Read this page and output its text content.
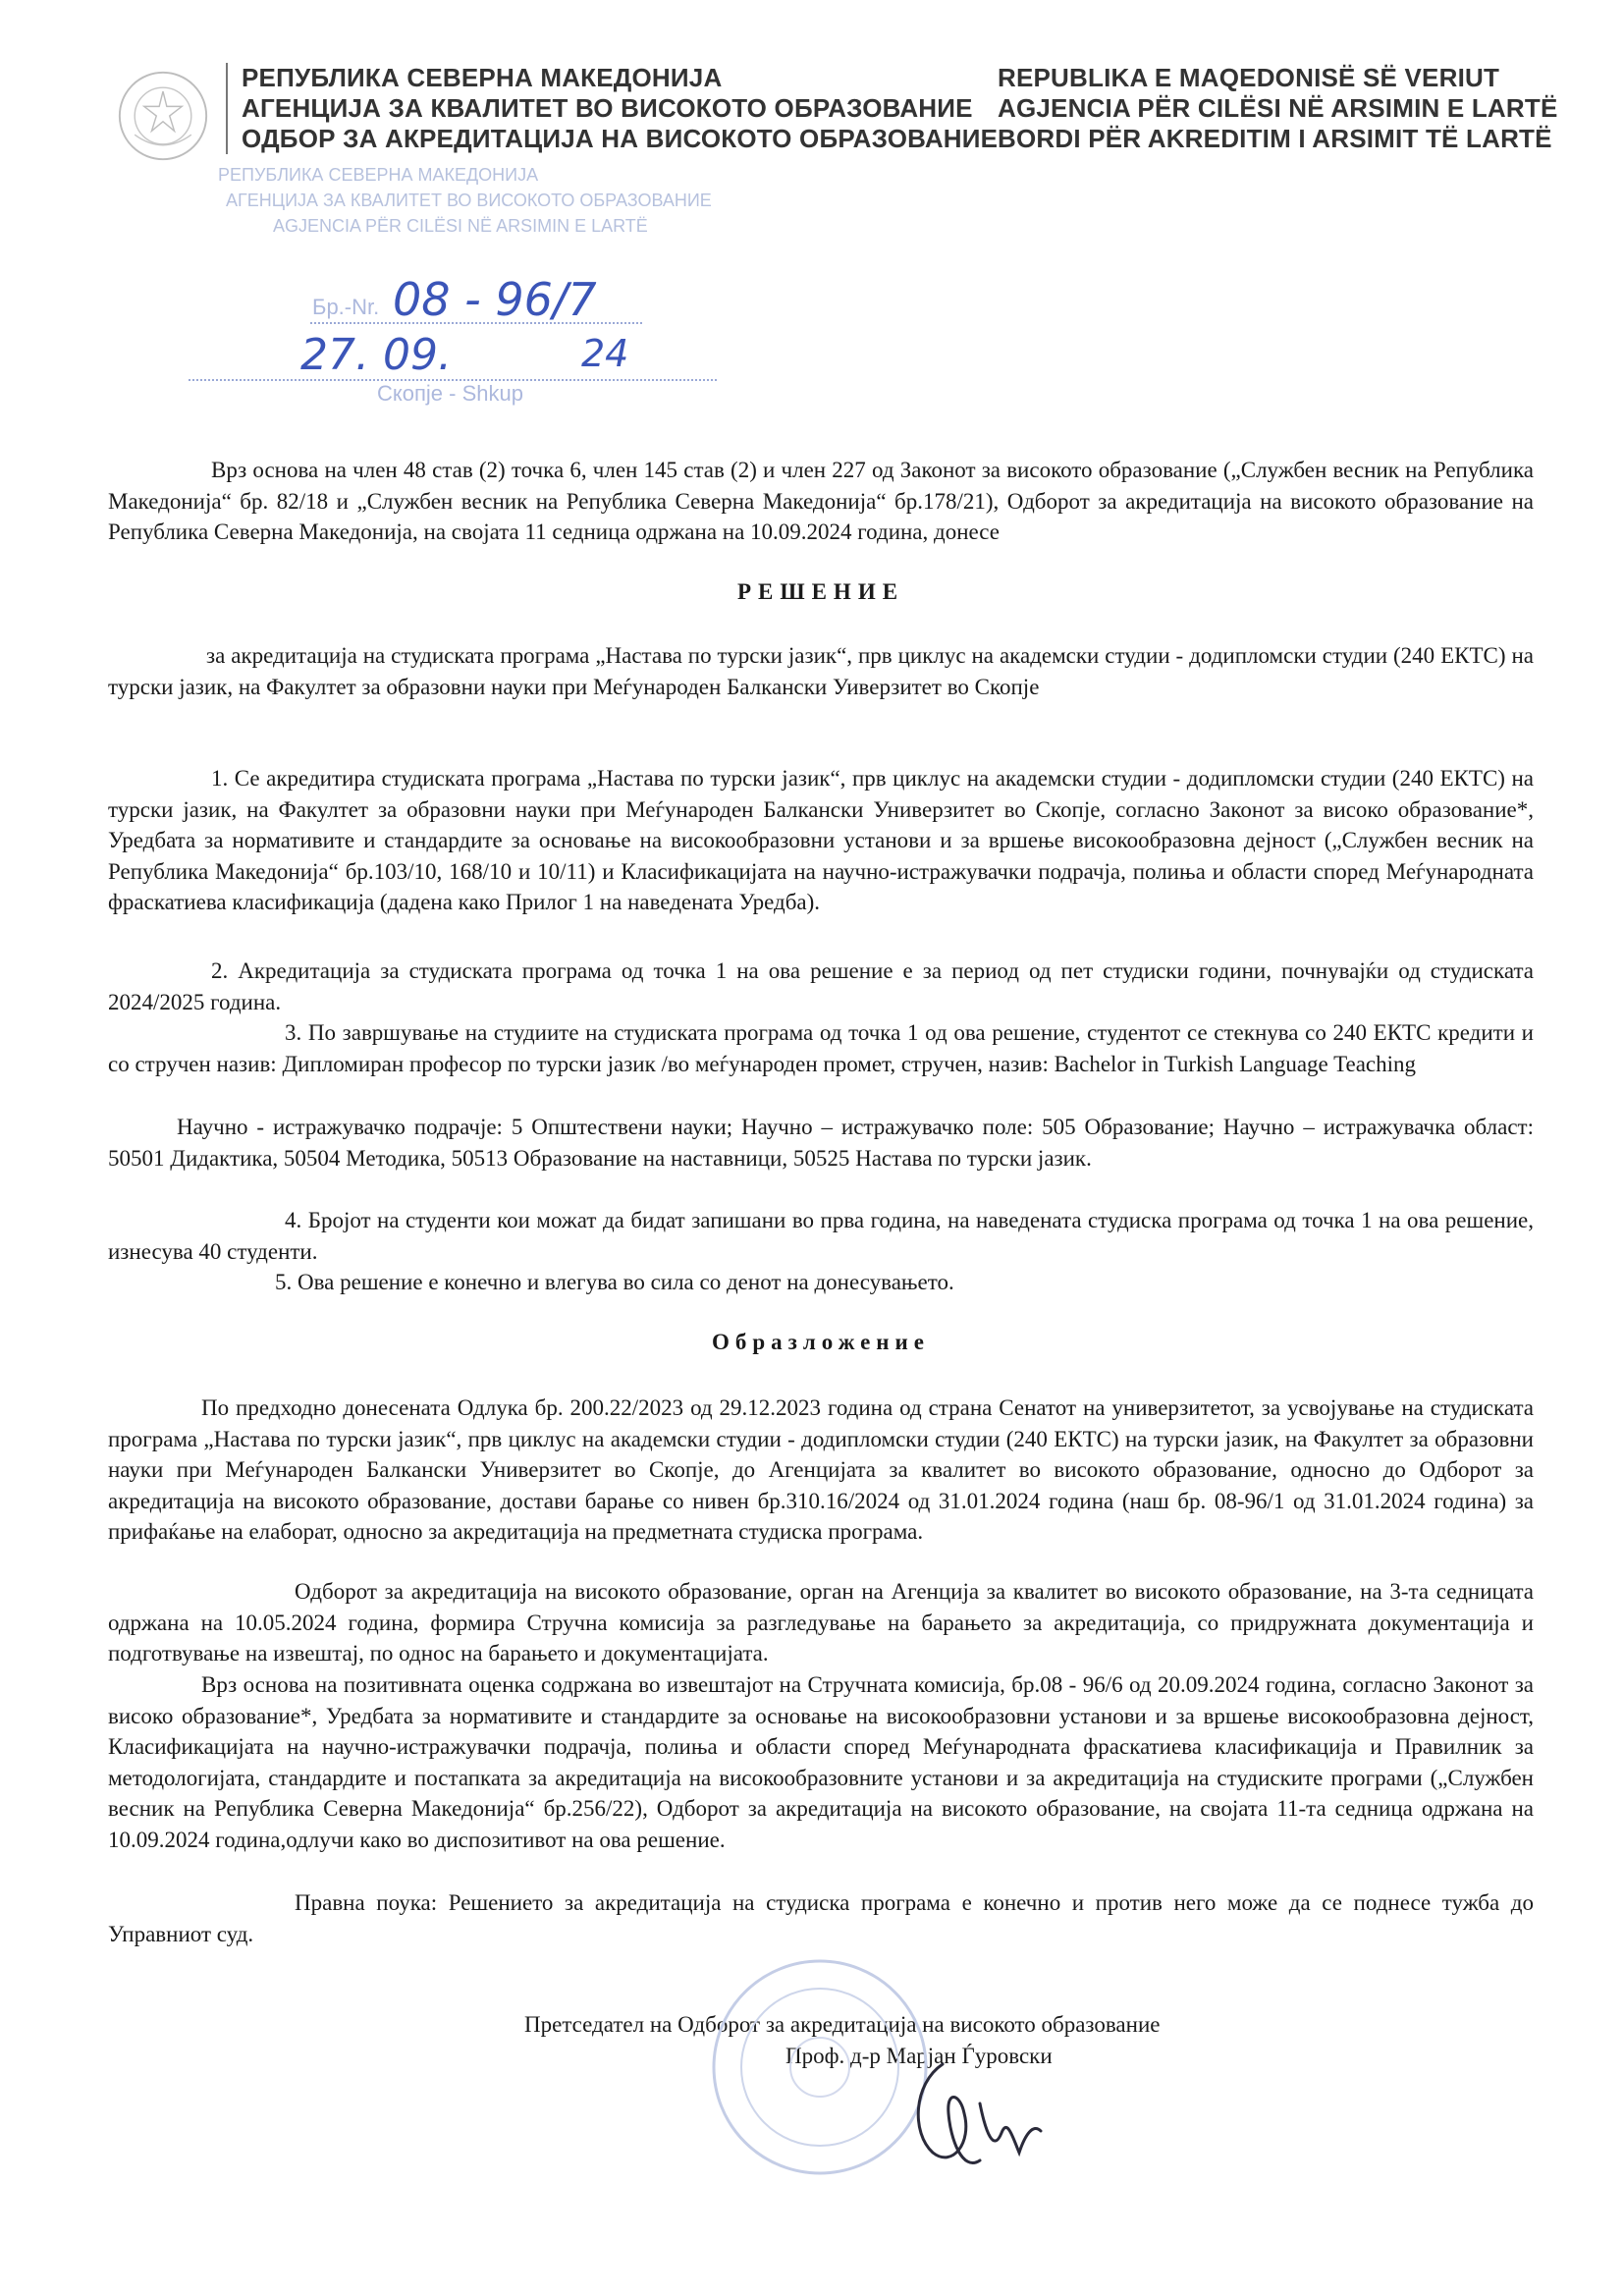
РЕПУБЛИКА СЕВЕРНА МАКЕДОНИЈА
АГЕНЦИЈА ЗА КВАЛИТЕТ ВО ВИСОКОТО ОБРАЗОВАНИЕ
ОДБОР ЗА АКРЕДИТАЦИЈА НА ВИСОКОТО ОБРАЗОВАНИЕ
REPUBLIKA E MAQEDONISË SË VERIUT
AGJENCIA PËR CILËSI NË ARSIMIN E LARTË
BORDI PËR AKREDITIM I ARSIMIT TË LARTË
РЕПУБЛИКА СЕВЕРНА МАКЕДОНИЈА
АГЕНЦИЈА ЗА КВАЛИТЕТ ВО ВИСОКОТО ОБРАЗОВАНИЕ
AGJENCIA PËR CILËSI NË ARSIMIN E LARTË
Бр.-Nr. 08 - 96/7
27. 09.	24
Скопје - Shkup
Врз основа на член 48 став (2) точка 6, член 145 став (2) и член 227 од Законот за високото образование („Службен весник на Република Македонија“ бр. 82/18 и „Службен весник на Република Северна Македонија“ бр.178/21), Одборот за акредитација на високото образование на Република Северна Македонија, на својата 11 седница одржана на 10.09.2024 година, донесе
РЕШЕНИЕ
за акредитација на студиската програма „Настава по турски јазик“, прв циклус на академски студии - додипломски студии (240 ЕКТС) на турски јазик, на Факултет за образовни науки при Меѓународен Балкански Уиверзитет во Скопје
1. Се акредитира студиската програма „Настава по турски јазик“, прв циклус на академски студии - додипломски студии (240 ЕКТС) на турски јазик, на Факултет за образовни науки при Меѓународен Балкански Универзитет во Скопје, согласно Законот за високо образование*, Уредбата за нормативите и стандардите за основање на високообразовни установи и за вршење високообразовна дејност („Службен весник на Република Македонија“ бр.103/10, 168/10 и 10/11) и Класификацијата на научно-истражувачки подрачја, полиња и области според Меѓународната фраскатиева класификација (дадена како Прилог 1 на наведената Уредба).
2. Акредитација за студиската програма од точка 1 на ова решение е за период од пет студиски години, почнувајќи од студиската 2024/2025 година.
3. По завршување на студиите на студиската програма од точка 1 од ова решение, студентот се стекнува со 240 ЕКТС кредити и со стручен назив: Дипломиран професор по турски јазик /во меѓународен промет, стручен, назив: Bachelor in Turkish Language Teaching
Научно - истражувачко подрачје: 5 Општествени науки; Научно – истражувачко поле: 505 Образование; Научно – истражувачка област: 50501 Дидактика, 50504 Методика, 50513 Образование на наставници, 50525 Настава по турски јазик.
4. Бројот на студенти кои можат да бидат запишани во прва година, на наведената студиска програма од точка 1 на ова решение, изнесува 40 студенти.
5. Ова решение е конечно и влегува во сила со денот на донесувањето.
Образложение
По предходно донесената Одлука бр. 200.22/2023 од 29.12.2023 година од страна Сенатот на универзитетот, за усвојување на студиската програма „Настава по турски јазик“, прв циклус на академски студии - додипломски студии (240 ЕКТС) на турски јазик, на Факултет за образовни науки при Меѓународен Балкански Универзитет во Скопје, до Агенцијата за квалитет во високото образование, односно до Одборот за акредитација на високото образование, достави барање со нивен бр.310.16/2024 од 31.01.2024 година (наш бр. 08-96/1 од 31.01.2024 година) за прифаќање на елаборат, односно за акредитација на предметната студиска програма.
Одборот за акредитација на високото образование, орган на Агенција за квалитет во високото образование, на 3-та седницата одржана на 10.05.2024 година, формира Стручна комисија за разгледување на барањето за акредитација, со придружната документација и подготвување на извештај, по однос на барањето и документацијата.
Врз основа на позитивната оценка содржана во извештајот на Стручната комисија, бр.08 - 96/6 од 20.09.2024 година, согласно Законот за високо образование*, Уредбата за нормативите и стандардите за основање на високообразовни установи и за вршење високообразовна дејност, Класификацијата на научно-истражувачки подрачја, полиња и области според Меѓународната фраскатиева класификација и Правилник за методологијата, стандардите и постапката за акредитација на високообразовните установи и за акредитација на студиските програми („Службен весник на Република Северна Македонија“ бр.256/22), Одборот за акредитација на високото образование, на својата 11-та седница одржана на 10.09.2024 година,одлучи како во диспозитивот на ова решение.
Правна поука: Решението за акредитација на студиска програма е конечно и против него може да се поднесе тужба до Управниот суд.
Претседател на Одборот за акредитација на високото образование
Проф. д-р Марјан Ѓуровски
